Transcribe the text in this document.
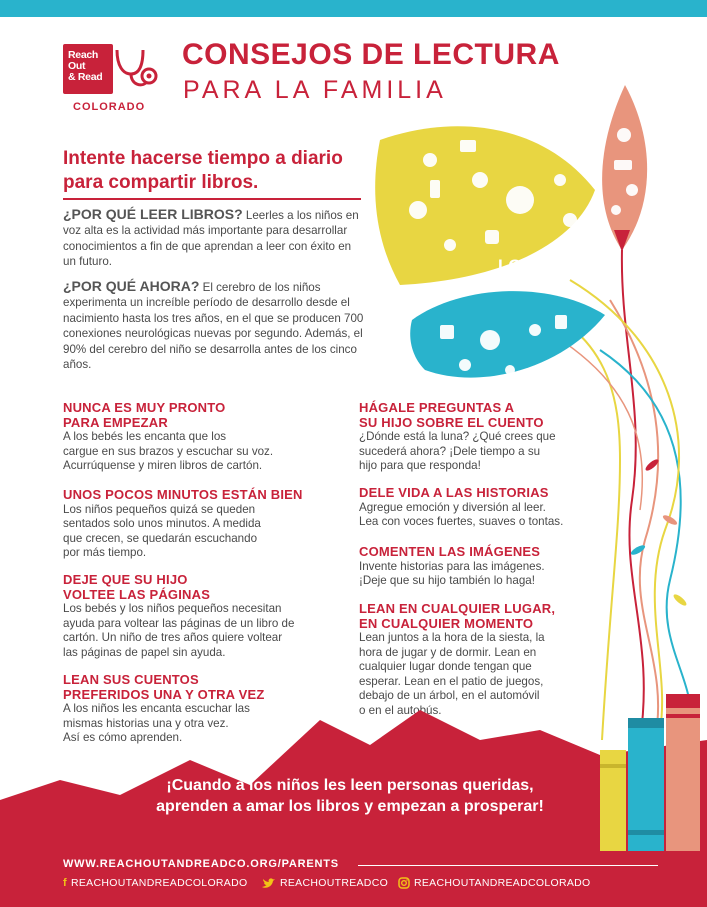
Reach
Out
& Read
COLORADO
CONSEJOS DE LECTURA
PARA LA FAMILIA
Intente hacerse tiempo a diario para compartir libros.
¿POR QUÉ LEER LIBROS? Leerles a los niños en voz alta es la actividad más importante para desarrollar conocimientos a fin de que aprendan a leer con éxito en un futuro.
¿POR QUÉ AHORA? El cerebro de los niños experimenta un increíble período de desarrollo desde el nacimiento hasta los tres años, en el que se producen 700 conexiones neurológicas nuevas por segundo. Además, el 90% del cerebro del niño se desarrolla antes de los cinco años.
NUNCA ES MUY PRONTO
PARA EMPEZAR
A los bebés les encanta que los
cargue en sus brazos y escuchar su voz.
Acurrúquense y miren libros de cartón.
UNOS POCOS MINUTOS ESTÁN BIEN
Los niños pequeños quizá se queden
sentados solo unos minutos. A medida
que crecen, se quedarán escuchando
por más tiempo.
DEJE QUE SU HIJO
VOLTEE LAS PÁGINAS
Los bebés y los niños pequeños necesitan
ayuda para voltear las páginas de un libro de
cartón. Un niño de tres años quiere voltear
las páginas de papel sin ayuda.
LEAN SUS CUENTOS
PREFERIDOS UNA Y OTRA VEZ
A los niños les encanta escuchar las
mismas historias una y otra vez.
Así es cómo aprenden.
HÁGALE PREGUNTAS A
SU HIJO SOBRE EL CUENTO
¿Dónde está la luna? ¿Qué crees que
sucederá ahora? ¡Dele tiempo a su
hijo para que responda!
DELE VIDA A LAS HISTORIAS
Agregue emoción y diversión al leer.
Lea con voces fuertes, suaves o tontas.
COMENTEN LAS IMÁGENES
Invente historias para las imágenes.
¡Deje que su hijo también lo haga!
LEAN EN CUALQUIER LUGAR,
EN CUALQUIER MOMENTO
Lean juntos a la hora de la siesta, la
hora de jugar y de dormir. Lean en
cualquier lugar donde tengan que
esperar. Lean en el patio de juegos,
debajo de un árbol, en el automóvil
o en el autobús.
LOVE
¡Cuando a los niños les leen personas queridas, aprenden a amar los libros y empezan a prosperar!
WWW.REACHOUTANDREADCO.ORG/PARENTS
f REACHOUTANDREADCOLORADO	REACHOUTREADCO REACHOUTANDREADCOLORADO
